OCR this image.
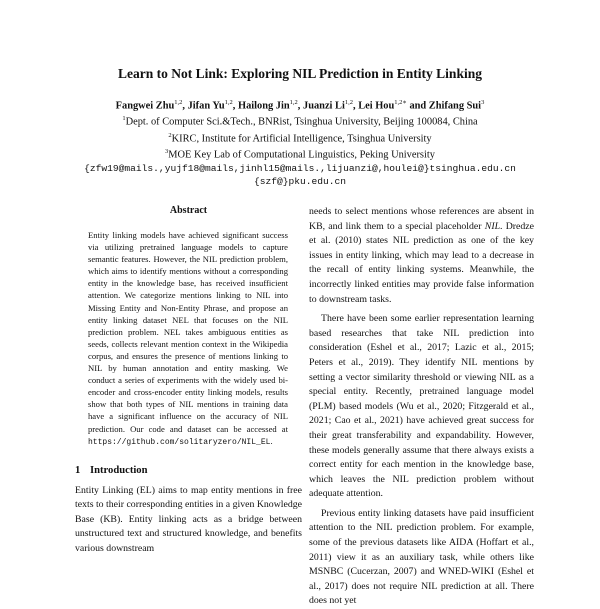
Learn to Not Link: Exploring NIL Prediction in Entity Linking
Fangwei Zhu$^{1,2}$, Jifan Yu$^{1,2}$, Hailong Jin$^{1,2}$, Juanzi Li$^{1,2}$, Lei Hou$^{1,2∗}$ and Zhifang Sui$^3$
$^1$Dept. of Computer Sci.&Tech., BNRist, Tsinghua University, Beijing 100084, China
$^2$KIRC, Institute for Artificial Intelligence, Tsinghua University
$^3$MOE Key Lab of Computational Linguistics, Peking University
{zfw19@mails.,yujf18@mails,jinhl15@mails.,lijuanzi@,houlei@}tsinghua.edu.cn
{szf@}pku.edu.cn
Abstract
Entity linking models have achieved significant success via utilizing pretrained language models to capture semantic features. However, the NIL prediction problem, which aims to identify mentions without a corresponding entity in the knowledge base, has received insufficient attention. We categorize mentions linking to NIL into Missing Entity and Non-Entity Phrase, and propose an entity linking dataset NEL that focuses on the NIL prediction problem. NEL takes ambiguous entities as seeds, collects relevant mention context in the Wikipedia corpus, and ensures the presence of mentions linking to NIL by human annotation and entity masking. We conduct a series of experiments with the widely used bi-encoder and cross-encoder entity linking models, results show that both types of NIL mentions in training data have a significant influence on the accuracy of NIL prediction. Our code and dataset can be accessed at https://github.com/solitaryzero/NIL_EL.
1 Introduction

Entity Linking (EL) aims to map entity mentions in free texts to their corresponding entities in a given Knowledge Base (KB). Entity linking acts as a bridge between unstructured text and structured knowledge, and benefits various downstream

needs to select mentions whose references are absent in KB, and link them to a special placeholder NIL. Dredze et al. (2010) states NIL prediction as one of the key issues in entity linking, which may lead to a decrease in the recall of entity linking systems. Meanwhile, the incorrectly linked entities may provide false information to downstream tasks.

There have been some earlier representation learning based researches that take NIL prediction into consideration (Eshel et al., 2017; Lazic et al., 2015; Peters et al., 2019). They identify NIL mentions by setting a vector similarity threshold or viewing NIL as a special entity. Recently, pretrained language model (PLM) based models (Wu et al., 2020; Fitzgerald et al., 2021; Cao et al., 2021) have achieved great success for their great transferability and expandability. However, these models generally assume that there always exists a correct entity for each mention in the knowledge base, which leaves the NIL prediction problem without adequate attention.

Previous entity linking datasets have paid insufficient attention to the NIL prediction problem. For example, some of the previous datasets like AIDA (Hoffart et al., 2011) view it as an auxiliary task, while others like MSNBC (Cucerzan, 2007) and WNED-WIKI (Eshel et al., 2017) does not require NIL prediction at all. There does not yet
